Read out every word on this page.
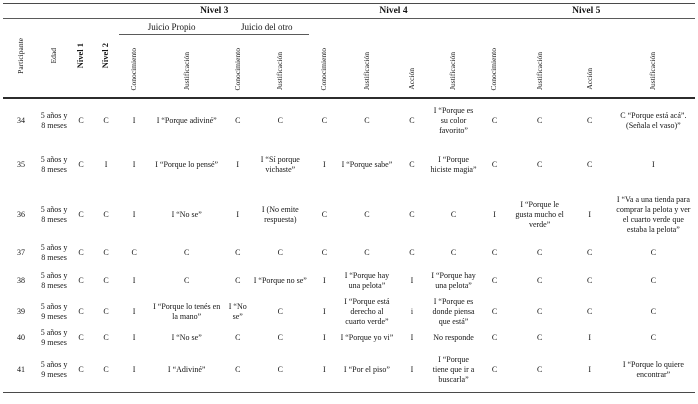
				Nivel 3				Nivel 4				Nivel 5			
Participante	Edad	Nivel 1	Nivel 2	Juicio Propio		Juicio del otro									
				Conocimiento	Justificación	Conocimiento	Justificación	Conocimiento	Justificación	Acción	Justificación	Conocimiento	Justificación	Acción	Justificación
34	5 años y 8 meses	C	C	I	I “Porque adiviné”	C	C	C	C	C	I “Porque es su color favorito”	C	C	C	C “Porque está acá”. (Señala el vaso)”
35	5 años y 8 meses	C	I	I	I “Porque lo pensé”	I	I “Sí porque vichaste”	I	I “Porque sabe”	C	I “Porque hiciste magia”	C	C	C	I
36	5 años y 8 meses	C	C	I	I “No se”	I	I (No emite respuesta)	C	C	C	C	I	I “Porque le gusta mucho el verde”	I	I “Va a una tienda para comprar la pelota y ver el cuarto verde que estaba la pelota”
37	5 años y 8 meses	C	C	C	C	C	C	C	C	C	C	C	C	C	C
38	5 años y 8 meses	C	C	I	C	C	I “Porque no se”	I	I “Porque hay una pelota”	I	I “Porque hay una pelota”	C	C	C	C
39	5 años y 9 meses	C	C	I	I “Porque lo tenés en la mano”	I “No se”	C	I	I “Porque está derecho al cuarto verde”	i	I “Porque es donde piensa que está”	C	C	C	C
40	5 años y 9 meses	C	C	I	I “No se”	C	C	I	I “Porque yo vi”	I	No responde	C	C	I	C
41	5 años y 9 meses	C	C	I	I “Adiviné”	C	C	I	I “Por el piso”	I	I “Porque tiene que ir a buscarla”	C	C	I	I “Porque lo quiere encontrar”
